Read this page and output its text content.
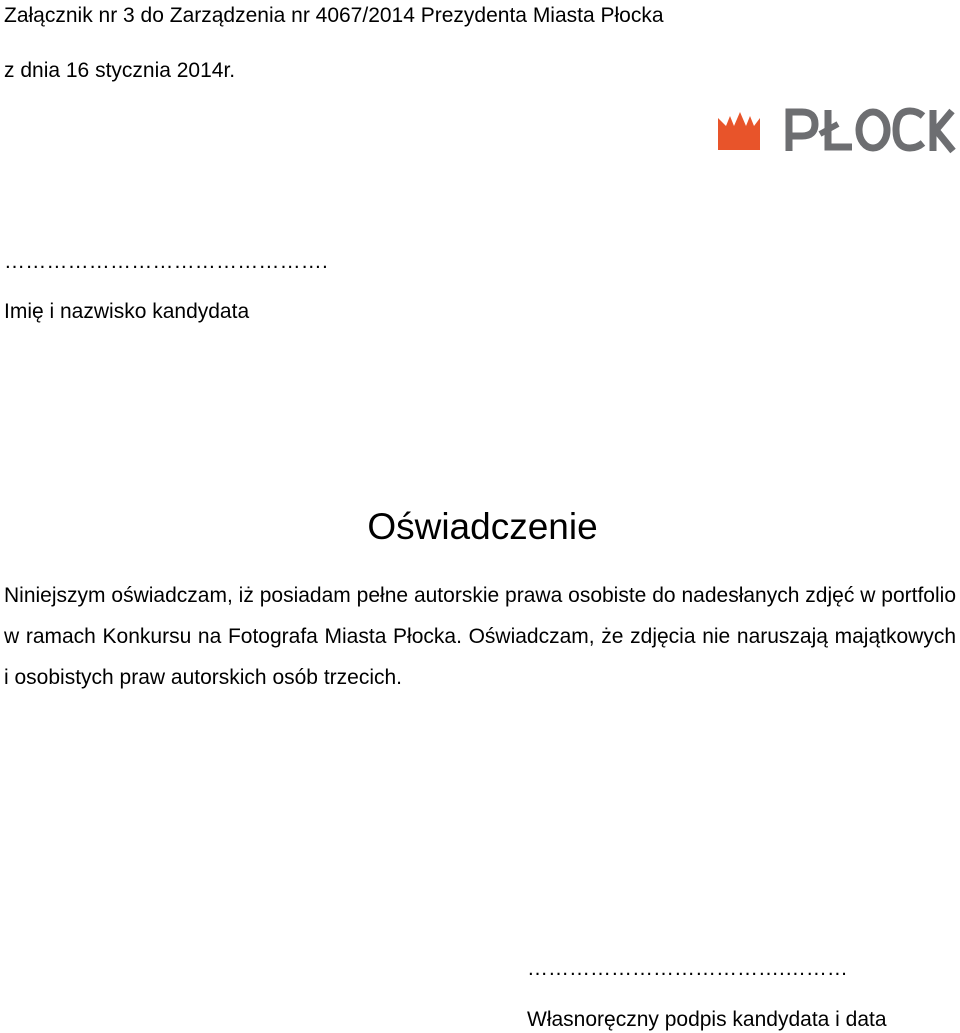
Załącznik nr 3 do Zarządzenia nr 4067/2014 Prezydenta Miasta Płocka
z dnia 16 stycznia 2014r.
……………………………………….
Imię i nazwisko kandydata
Oświadczenie
Niniejszym oświadczam, iż posiadam pełne autorskie prawa osobiste do nadesłanych zdjęć w portfolio w ramach Konkursu na Fotografa Miasta Płocka. Oświadczam, że zdjęcia nie naruszają majątkowych i osobistych praw autorskich osób trzecich.
……………………………….………
Własnoręczny podpis kandydata i data
